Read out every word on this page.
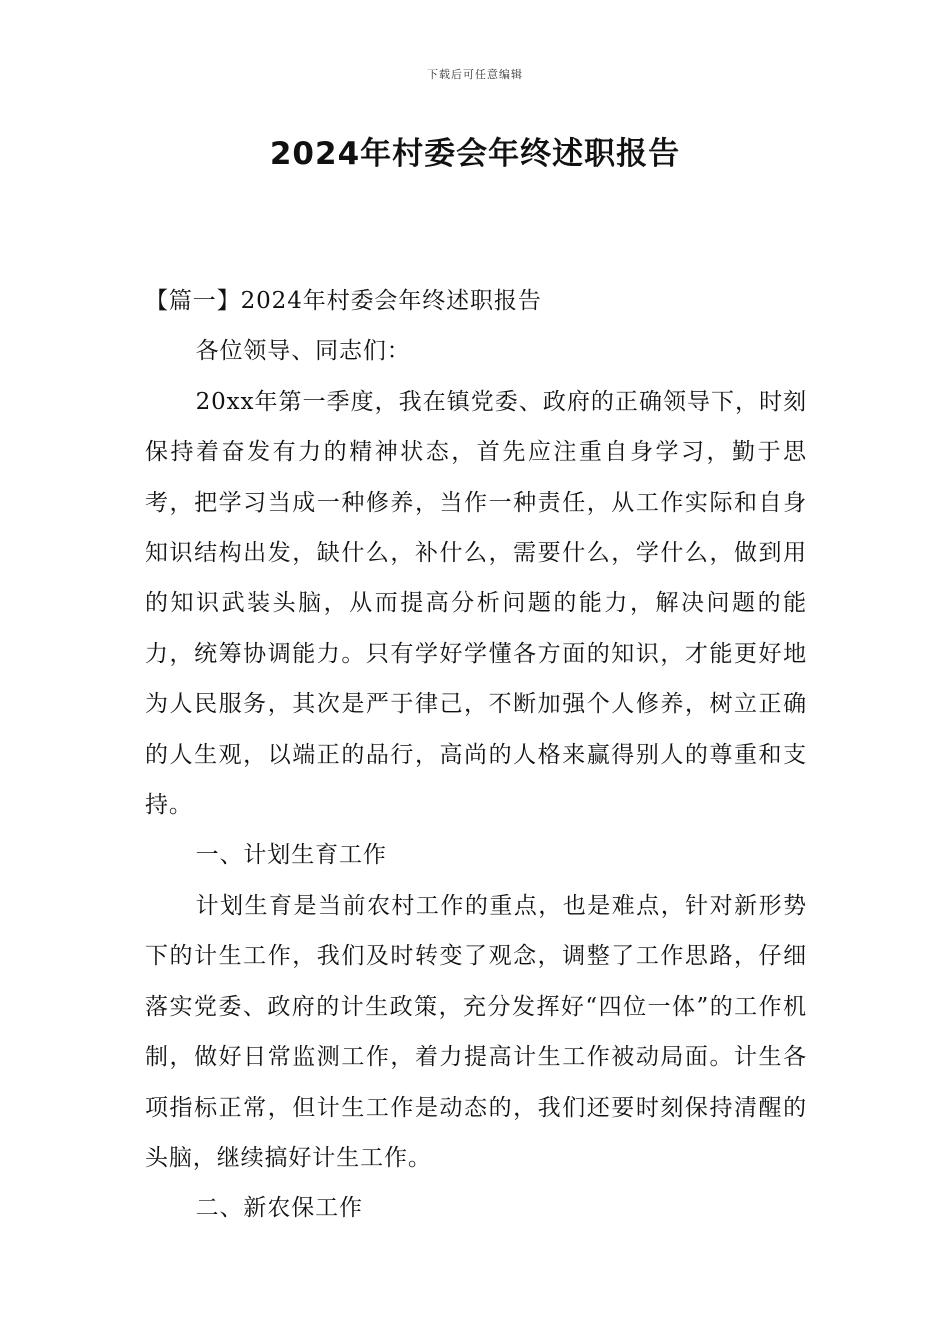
下载后可任意编辑
2024年村委会年终述职报告

【篇一】2024年村委会年终述职报告

各位领导、同志们：

20xx年第一季度，我在镇党委、政府的正确领导下，时刻保持着奋发有力的精神状态，首先应注重自身学习，勤于思考，把学习当成一种修养，当作一种责任，从工作实际和自身知识结构出发，缺什么，补什么，需要什么，学什么，做到用的知识武装头脑，从而提高分析问题的能力，解决问题的能力，统筹协调能力。只有学好学懂各方面的知识，才能更好地为人民服务，其次是严于律己，不断加强个人修养，树立正确的人生观，以端正的品行，高尚的人格来赢得别人的尊重和支持。

一、计划生育工作

计划生育是当前农村工作的重点，也是难点，针对新形势下的计生工作，我们及时转变了观念，调整了工作思路，仔细落实党委、政府的计生政策，充分发挥好“四位一体”的工作机制，做好日常监测工作，着力提高计生工作被动局面。计生各项指标正常，但计生工作是动态的，我们还要时刻保持清醒的头脑，继续搞好计生工作。

二、新农保工作
